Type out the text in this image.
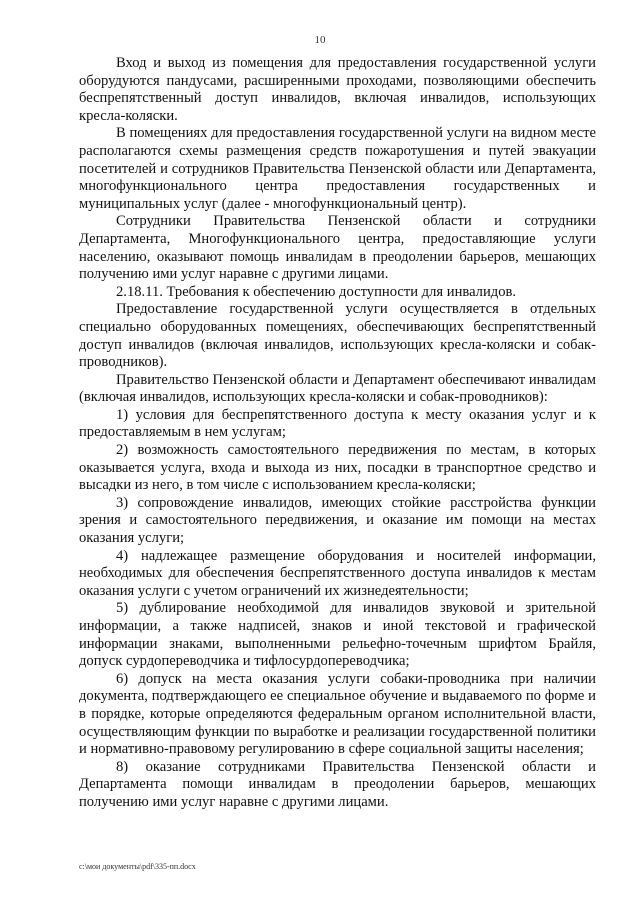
10

Вход и выход из помещения для предоставления государственной услуги оборудуются пандусами, расширенными проходами, позволяющими обеспечить беспрепятственный доступ инвалидов, включая инвалидов, использующих кресла-коляски.

В помещениях для предоставления государственной услуги на видном месте располагаются схемы размещения средств пожаротушения и путей эвакуации посетителей и сотрудников Правительства Пензенской области или Департамента, многофункционального центра предоставления государственных и муниципальных услуг (далее - многофункциональный центр).

Сотрудники Правительства Пензенской области и сотрудники Департамента, Многофункционального центра, предоставляющие услуги населению, оказывают помощь инвалидам в преодолении барьеров, мешающих получению ими услуг наравне с другими лицами.

2.18.11. Требования к обеспечению доступности для инвалидов.

Предоставление государственной услуги осуществляется в отдельных специально оборудованных помещениях, обеспечивающих беспрепятственный доступ инвалидов (включая инвалидов, использующих кресла-коляски и собак-проводников).

Правительство Пензенской области и Департамент обеспечивают инвалидам (включая инвалидов, использующих кресла-коляски и собак-проводников):

1) условия для беспрепятственного доступа к месту оказания услуг и к предоставляемым в нем услугам;

2) возможность самостоятельного передвижения по местам, в которых оказывается услуга, входа и выхода из них, посадки в транспортное средство и высадки из него, в том числе с использованием кресла-коляски;

3) сопровождение инвалидов, имеющих стойкие расстройства функции зрения и самостоятельного передвижения, и оказание им помощи на местах оказания услуги;

4) надлежащее размещение оборудования и носителей информации, необходимых для обеспечения беспрепятственного доступа инвалидов к местам оказания услуги с учетом ограничений их жизнедеятельности;

5) дублирование необходимой для инвалидов звуковой и зрительной информации, а также надписей, знаков и иной текстовой и графической информации знаками, выполненными рельефно-точечным шрифтом Брайля, допуск сурдопереводчика и тифлосурдопереводчика;

6) допуск на места оказания услуги собаки-проводника при наличии документа, подтверждающего ее специальное обучение и выдаваемого по форме и в порядке, которые определяются федеральным органом исполнительной власти, осуществляющим функции по выработке и реализации государственной политики и нормативно-правовому регулированию в сфере социальной защиты населения;

8) оказание сотрудниками Правительства Пензенской области и Департамента помощи инвалидам в преодолении барьеров, мешающих получению ими услуг наравне с другими лицами.

c:\мои документы\pdf\335-пп.docx
